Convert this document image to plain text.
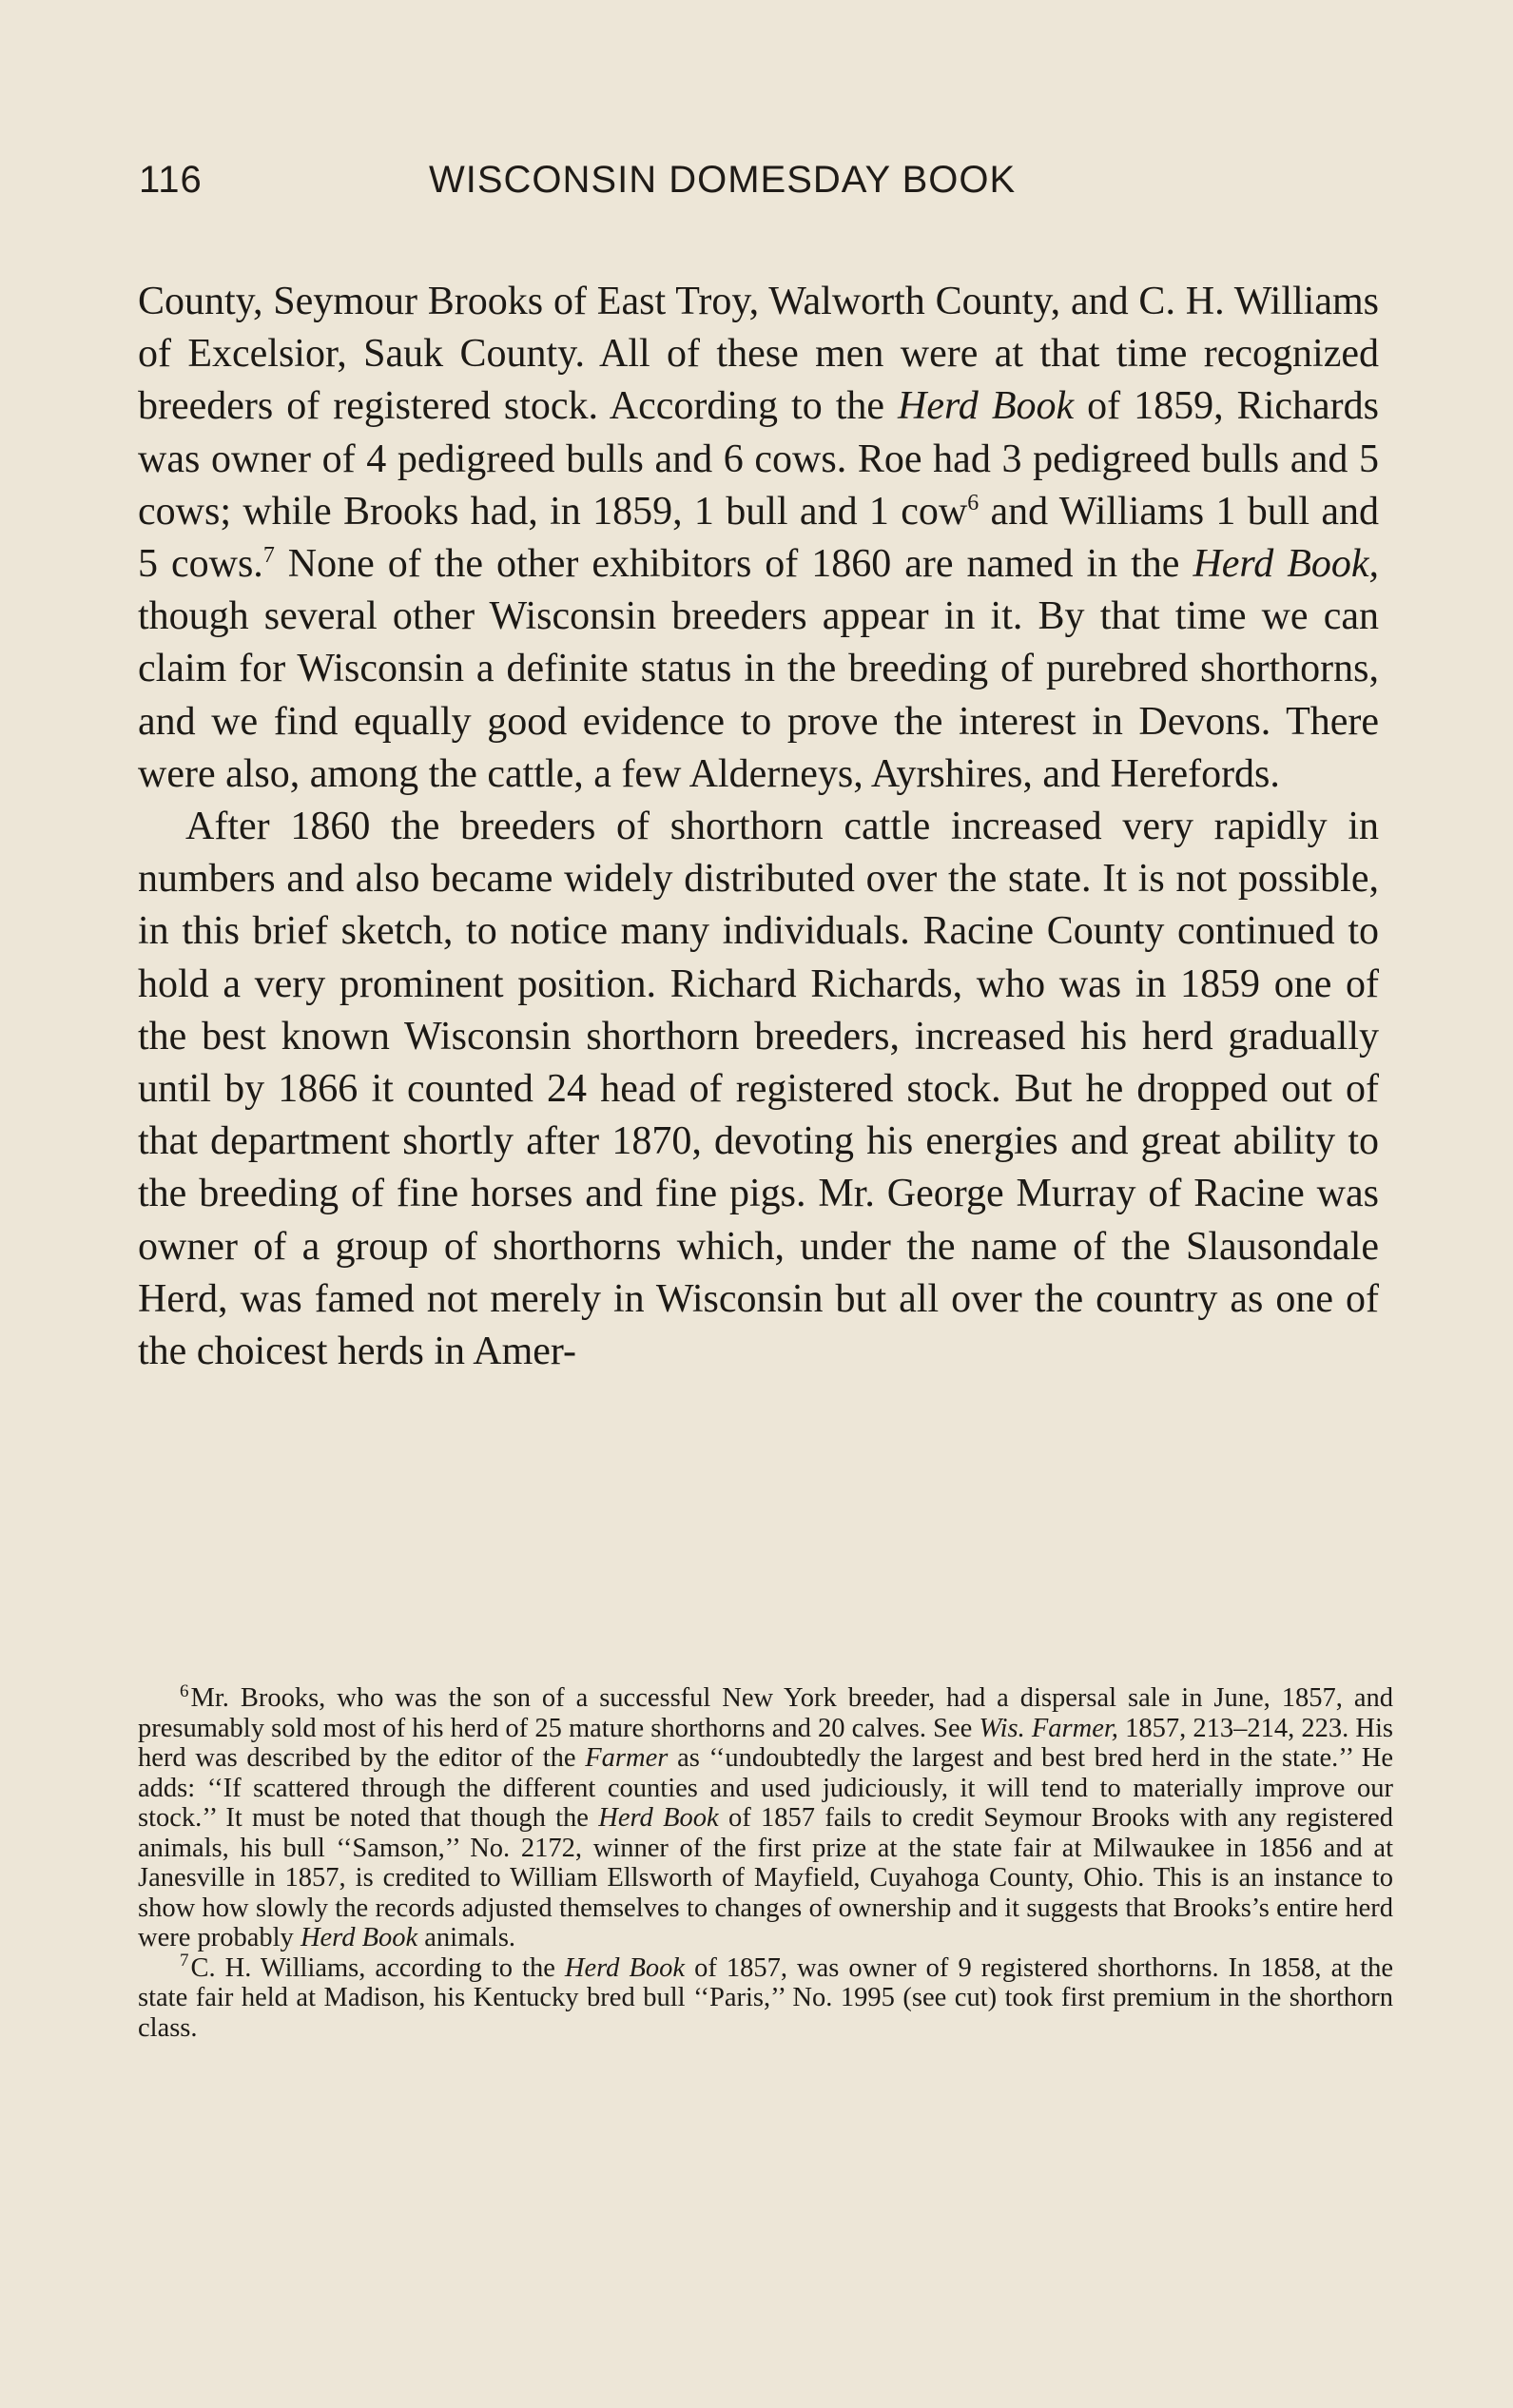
116	WISCONSIN DOMESDAY BOOK

County, Seymour Brooks of East Troy, Walworth County, and C. H. Williams of Excelsior, Sauk County. All of these men were at that time recognized breeders of registered stock. According to the Herd Book of 1859, Richards was owner of 4 pedigreed bulls and 6 cows. Roe had 3 pedigreed bulls and 5 cows; while Brooks had, in 1859, 1 bull and 1 cow$^6$ and Williams 1 bull and 5 cows.$^7$ None of the other exhibitors of 1860 are named in the Herd Book, though several other Wisconsin breeders appear in it. By that time we can claim for Wisconsin a definite status in the breeding of purebred shorthorns, and we find equally good evidence to prove the interest in Devons. There were also, among the cattle, a few Alderneys, Ayrshires, and Herefords.

After 1860 the breeders of shorthorn cattle increased very rapidly in numbers and also became widely distributed over the state. It is not possible, in this brief sketch, to notice many individuals. Racine County continued to hold a very prominent position. Richard Richards, who was in 1859 one of the best known Wisconsin shorthorn breeders, increased his herd gradually until by 1866 it counted 24 head of registered stock. But he dropped out of that department shortly after 1870, devoting his energies and great ability to the breeding of fine horses and fine pigs. Mr. George Murray of Racine was owner of a group of shorthorns which, under the name of the Slausondale Herd, was famed not merely in Wisconsin but all over the country as one of the choicest herds in Amer-

$^6$Mr. Brooks, who was the son of a successful New York breeder, had a dispersal sale in June, 1857, and presumably sold most of his herd of 25 mature shorthorns and 20 calves. See Wis. Farmer, 1857, 213–214, 223. His herd was described by the editor of the Farmer as ‘‘undoubtedly the largest and best bred herd in the state.’’ He adds: ‘‘If scattered through the different counties and used judiciously, it will tend to materially improve our stock.’’ It must be noted that though the Herd Book of 1857 fails to credit Seymour Brooks with any registered animals, his bull ‘‘Samson,’’ No. 2172, winner of the first prize at the state fair at Milwaukee in 1856 and at Janesville in 1857, is credited to William Ellsworth of Mayfield, Cuyahoga County, Ohio. This is an instance to show how slowly the records adjusted themselves to changes of ownership and it suggests that Brooks’s entire herd were probably Herd Book animals.

$^7$C. H. Williams, according to the Herd Book of 1857, was owner of 9 registered shorthorns. In 1858, at the state fair held at Madison, his Kentucky bred bull ‘‘Paris,’’ No. 1995 (see cut) took first premium in the shorthorn class.
